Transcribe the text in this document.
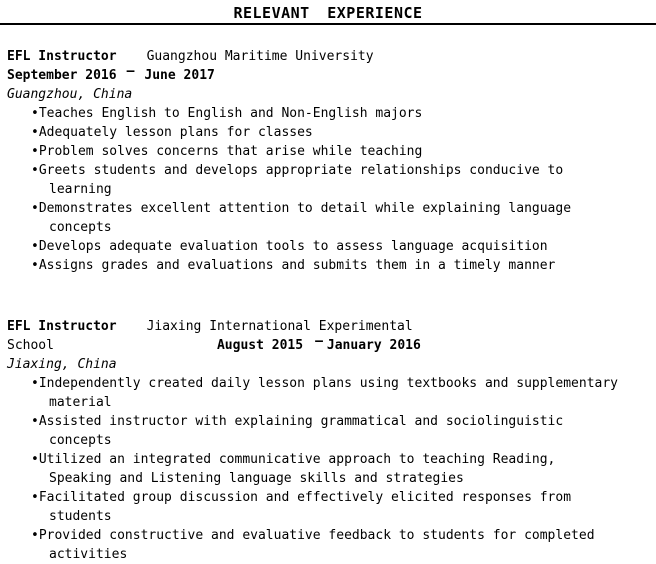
RELEVANT EXPERIENCE
EFL Instructor Guangzhou Maritime University
September 2016 – June 2017
Guangzhou, China
• Teaches English to English and Non-English majors
• Adequately lesson plans for classes
• Problem solves concerns that arise while teaching
• Greets students and develops appropriate relationships conducive to learning
• Demonstrates excellent attention to detail while explaining language concepts
• Develops adequate evaluation tools to assess language acquisition
• Assigns grades and evaluations and submits them in a timely manner
EFL Instructor Jiaxing International Experimental
School	August 2015 – January 2016
Jiaxing, China
• Independently created daily lesson plans using textbooks and supplementary material
• Assisted instructor with explaining grammatical and sociolinguistic concepts
• Utilized an integrated communicative approach to teaching Reading, Speaking and Listening language skills and strategies
• Facilitated group discussion and effectively elicited responses from students
• Provided constructive and evaluative feedback to students for completed activities
